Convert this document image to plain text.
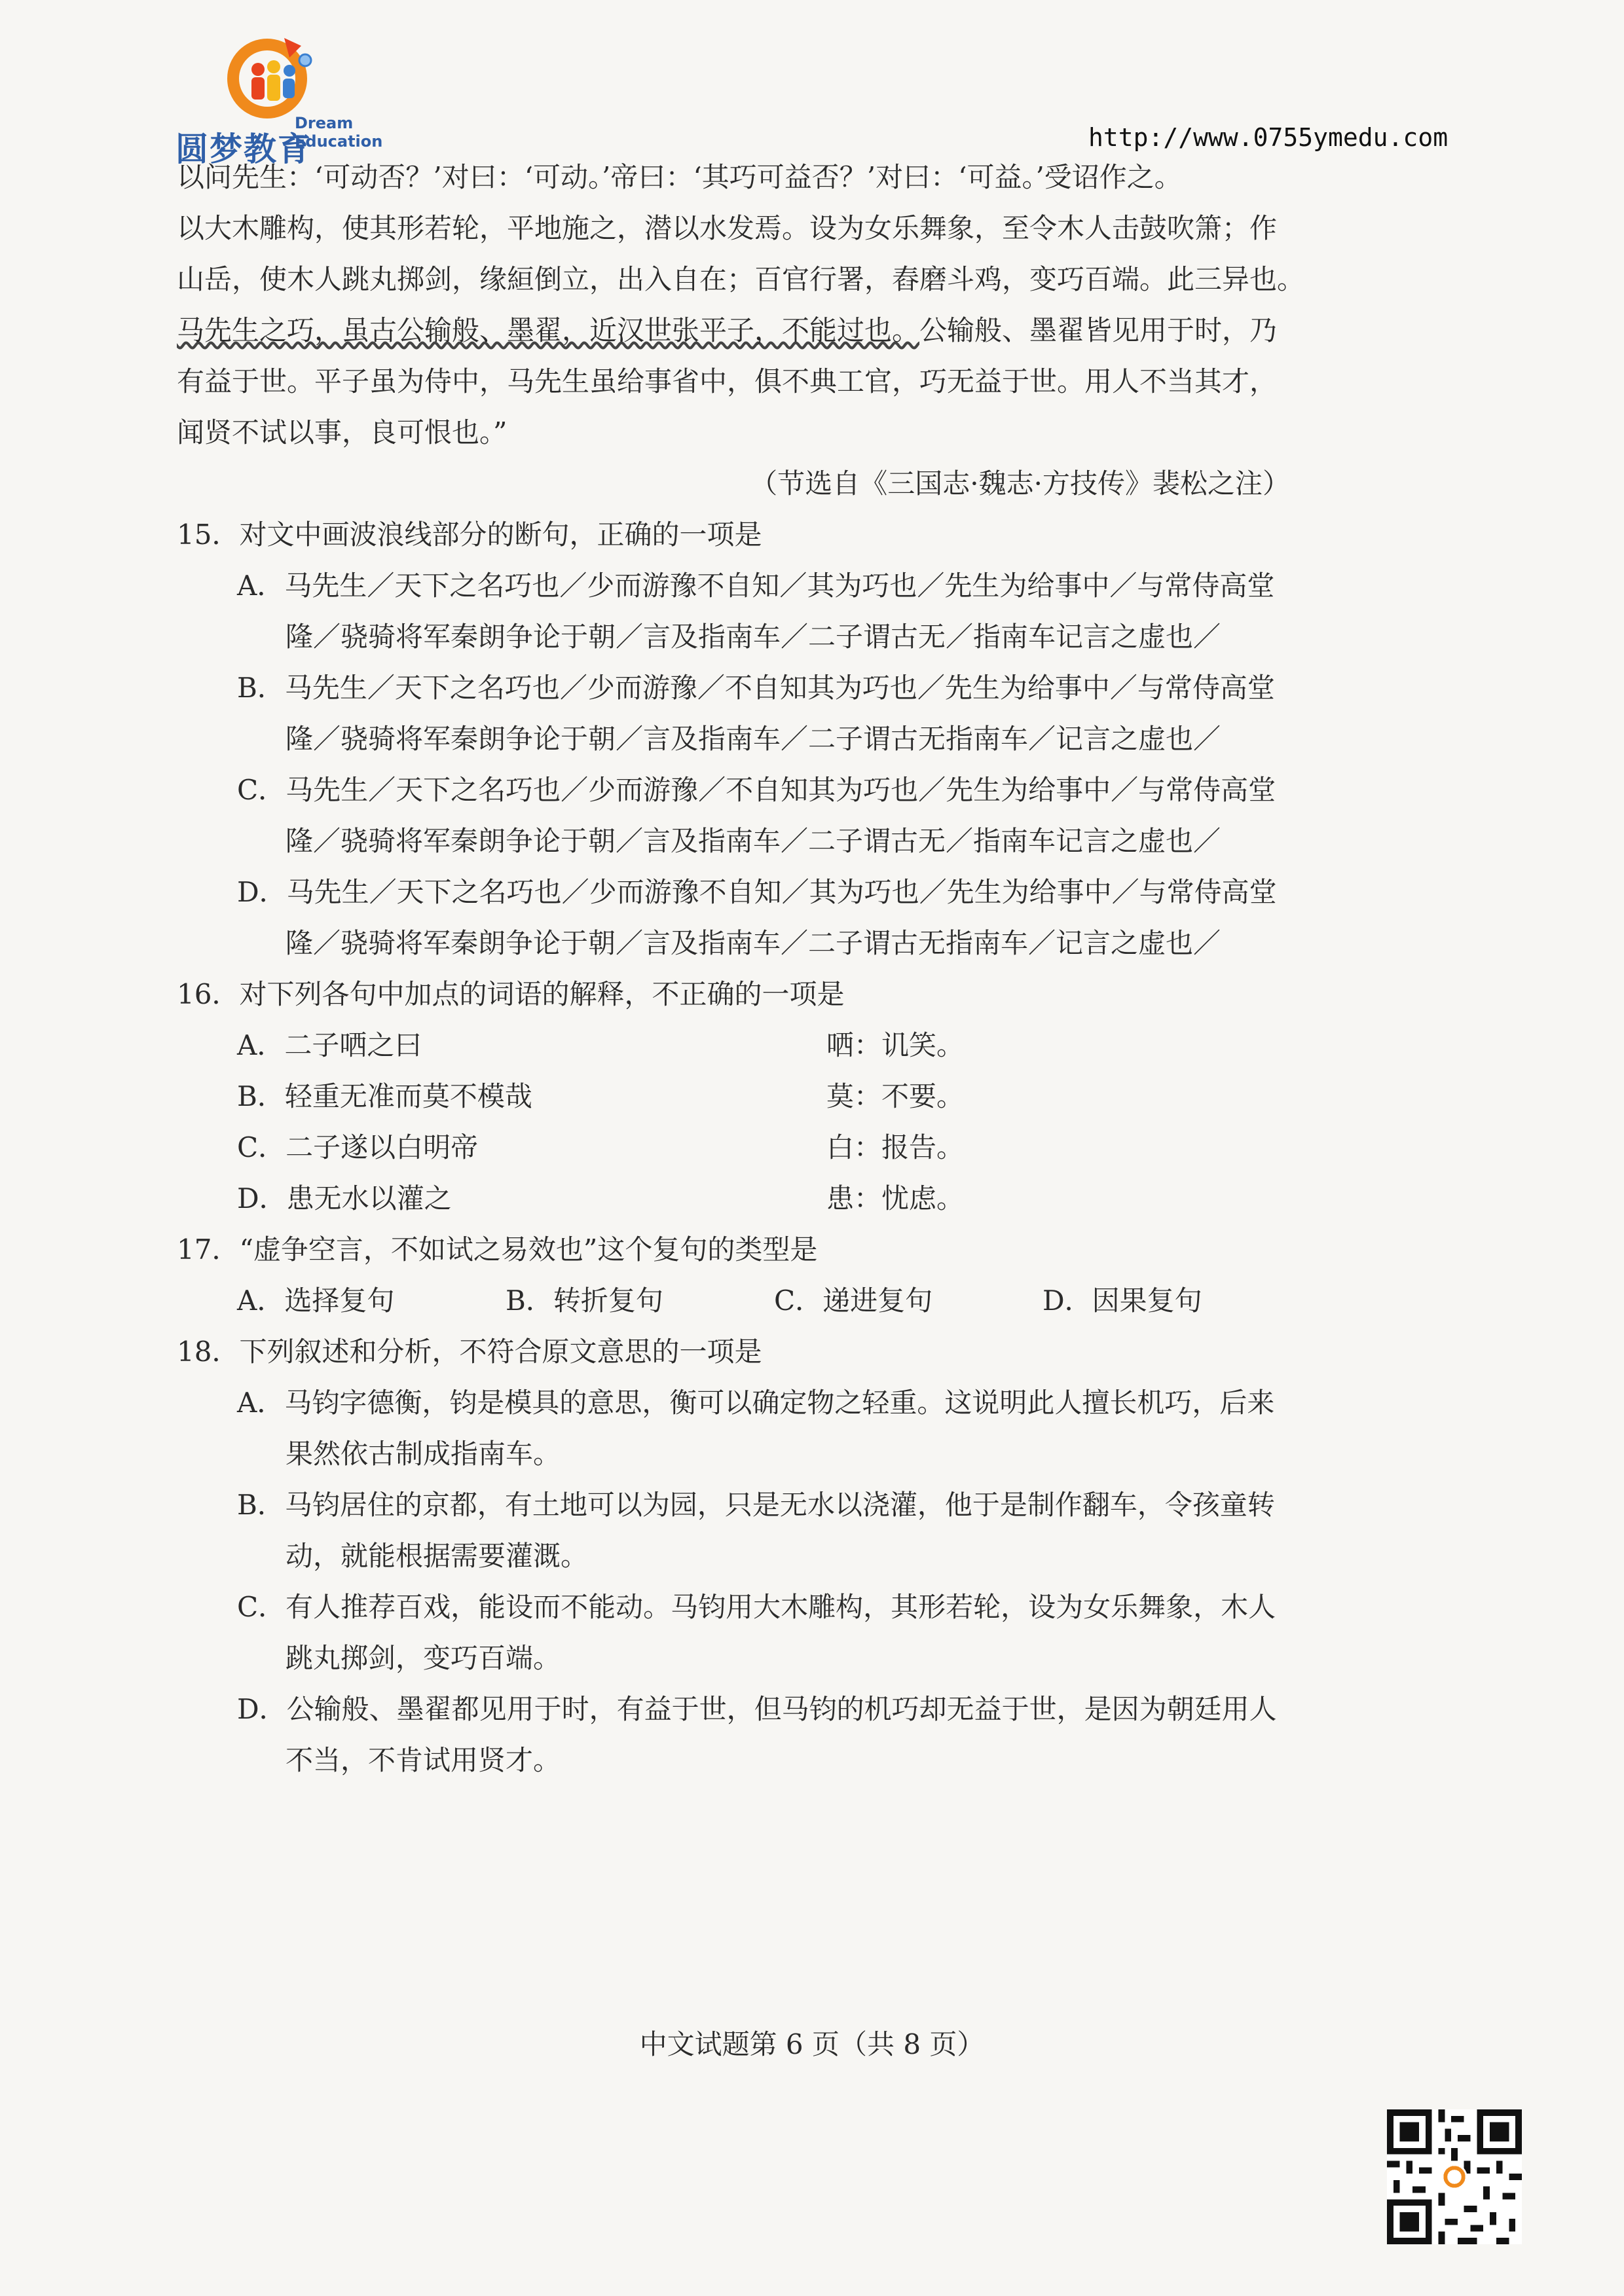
圆梦教育
Dream
Education	http://www.0755ymedu.com
以问先生：‘可动否？’对曰：‘可动。’帝曰：‘其巧可益否？’对曰：‘可益。’受诏作之。
以大木雕构，使其形若轮，平地施之，潜以水发焉。设为女乐舞象，至令木人击鼓吹箫；作
山岳，使木人跳丸掷剑，缘絙倒立，出入自在；百官行署，舂磨斗鸡，变巧百端。此三异也。
马先生之巧，虽古公输般、墨翟，近汉世张平子，不能过也。公输般、墨翟皆见用于时，乃
有益于世。平子虽为侍中，马先生虽给事省中，俱不典工官，巧无益于世。用人不当其才，
闻贤不试以事，良可恨也。”
（节选自《三国志·魏志·方技传》裴松之注）
15．对文中画波浪线部分的断句，正确的一项是
A．马先生／天下之名巧也／少而游豫不自知／其为巧也／先生为给事中／与常侍高堂
隆／骁骑将军秦朗争论于朝／言及指南车／二子谓古无／指南车记言之虚也／
B．马先生／天下之名巧也／少而游豫／不自知其为巧也／先生为给事中／与常侍高堂
隆／骁骑将军秦朗争论于朝／言及指南车／二子谓古无指南车／记言之虚也／
C．马先生／天下之名巧也／少而游豫／不自知其为巧也／先生为给事中／与常侍高堂
隆／骁骑将军秦朗争论于朝／言及指南车／二子谓古无／指南车记言之虚也／
D．马先生／天下之名巧也／少而游豫不自知／其为巧也／先生为给事中／与常侍高堂
隆／骁骑将军秦朗争论于朝／言及指南车／二子谓古无指南车／记言之虚也／
16．对下列各句中加点的词语的解释，不正确的一项是
A．二子哂之曰	哂：讥笑。
B．轻重无准而莫不模哉	莫：不要。
C．二子遂以白明帝	白：报告。
D．患无水以灌之	患：忧虑。
17．“虚争空言，不如试之易效也”这个复句的类型是
A．选择复句	B．转折复句	C．递进复句	D．因果复句
18．下列叙述和分析，不符合原文意思的一项是
A．马钧字德衡，钧是模具的意思，衡可以确定物之轻重。这说明此人擅长机巧，后来
果然依古制成指南车。
B．马钧居住的京都，有土地可以为园，只是无水以浇灌，他于是制作翻车，令孩童转
动，就能根据需要灌溉。
C．有人推荐百戏，能设而不能动。马钧用大木雕构，其形若轮，设为女乐舞象，木人
跳丸掷剑，变巧百端。
D．公输般、墨翟都见用于时，有益于世，但马钧的机巧却无益于世，是因为朝廷用人
不当，不肯试用贤才。
中文试题第 6 页（共 8 页）
